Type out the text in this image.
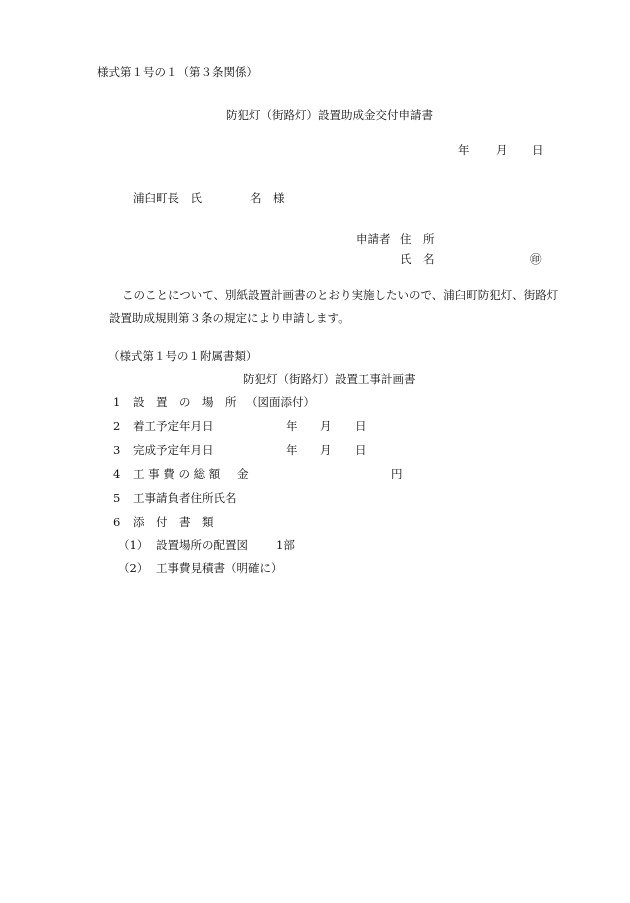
様式第１号の１（第３条関係）
防犯灯（街路灯）設置助成金交付申請書
年 月 日
浦臼町長　氏	名　様
申請者 住　所
氏　名	㊞
このことについて、別紙設置計画書のとおり実施したいので、浦臼町防犯灯、街路灯
設置助成規則第３条の規定により申請します。
（様式第１号の１附属書類）
防犯灯（街路灯）設置工事計画書
1 設　置　の　場　所 （図面添付）
2 着工予定年月日	年 月 日
3 完成予定年月日	年 月 日
4 工 事 費 の 総 額 金	円
5 工事請負者住所氏名
6 添　付　書　類
（1） 設置場所の配置図 1部
（2） 工事費見積書（明確に）
